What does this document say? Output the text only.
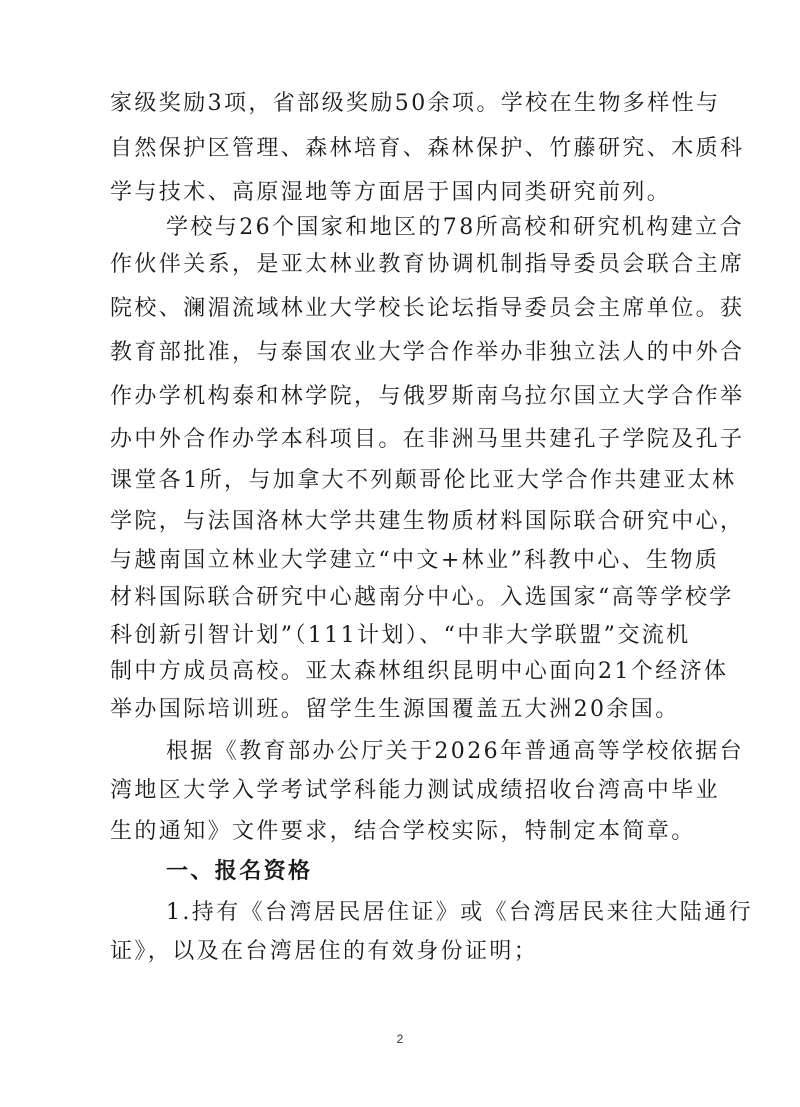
家级奖励3项，省部级奖励50余项。学校在生物多样性与
自然保护区管理、森林培育、森林保护、竹藤研究、木质科
学与技术、高原湿地等方面居于国内同类研究前列。
学校与26个国家和地区的78所高校和研究机构建立合
作伙伴关系，是亚太林业教育协调机制指导委员会联合主席
院校、澜湄流域林业大学校长论坛指导委员会主席单位。获
教育部批准，与泰国农业大学合作举办非独立法人的中外合
作办学机构泰和林学院，与俄罗斯南乌拉尔国立大学合作举
办中外合作办学本科项目。在非洲马里共建孔子学院及孔子
课堂各1所，与加拿大不列颠哥伦比亚大学合作共建亚太林
学院，与法国洛林大学共建生物质材料国际联合研究中心，
与越南国立林业大学建立“中文+林业”科教中心、生物质
材料国际联合研究中心越南分中心。入选国家“高等学校学
科创新引智计划”（111计划）、“中非大学联盟”交流机
制中方成员高校。亚太森林组织昆明中心面向21个经济体
举办国际培训班。留学生生源国覆盖五大洲20余国。
根据《教育部办公厅关于2026年普通高等学校依据台
湾地区大学入学考试学科能力测试成绩招收台湾高中毕业
生的通知》文件要求，结合学校实际，特制定本简章。
一、报名资格
1.持有《台湾居民居住证》或《台湾居民来往大陆通行
证》，以及在台湾居住的有效身份证明；
2
